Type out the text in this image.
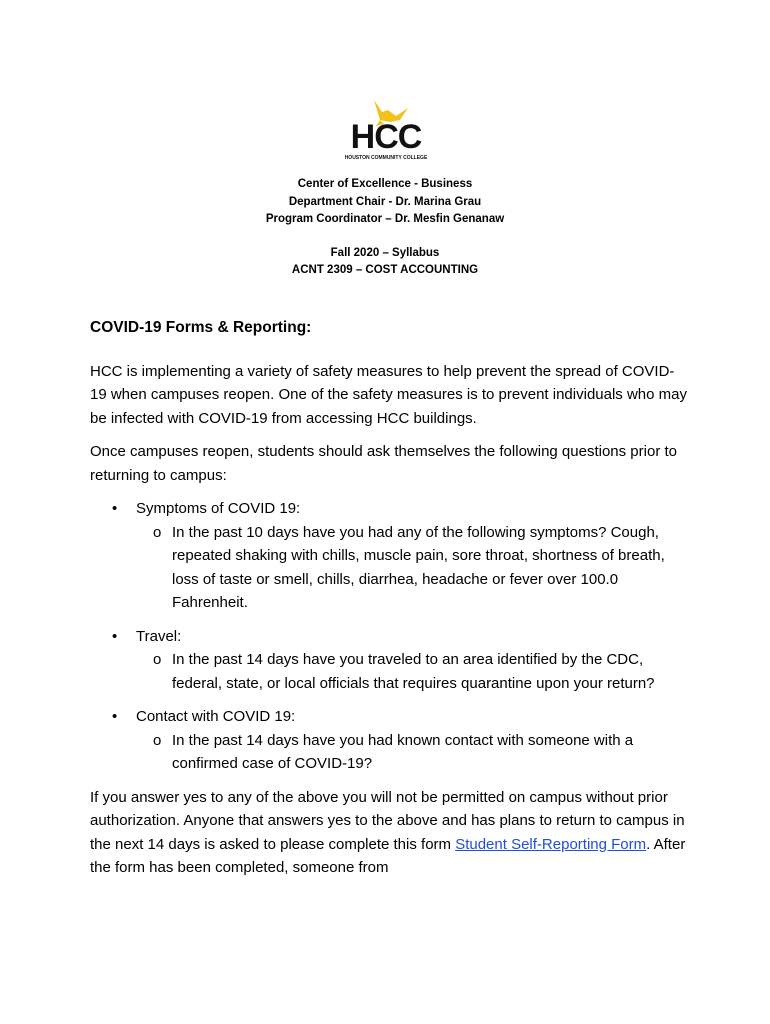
HCC
HOUSTON COMMUNITY COLLEGE
Center of Excellence - Business
Department Chair - Dr. Marina Grau
Program Coordinator – Dr. Mesfin Genanaw
Fall 2020 – Syllabus
ACNT 2309 – COST ACCOUNTING
COVID-19 Forms & Reporting:

HCC is implementing a variety of safety measures to help prevent the spread of COVID-19 when campuses reopen. One of the safety measures is to prevent individuals who may be infected with COVID-19 from accessing HCC buildings.

Once campuses reopen, students should ask themselves the following questions prior to returning to campus:

• Symptoms of COVID 19:
o In the past 10 days have you had any of the following symptoms? Cough, repeated shaking with chills, muscle pain, sore throat, shortness of breath, loss of taste or smell, chills, diarrhea, headache or fever over 100.0 Fahrenheit.
• Travel:
o In the past 14 days have you traveled to an area identified by the CDC, federal, state, or local officials that requires quarantine upon your return?
• Contact with COVID 19:
o In the past 14 days have you had known contact with someone with a confirmed case of COVID-19?

If you answer yes to any of the above you will not be permitted on campus without prior authorization. Anyone that answers yes to the above and has plans to return to campus in the next 14 days is asked to please complete this form Student Self-Reporting Form. After the form has been completed, someone from
